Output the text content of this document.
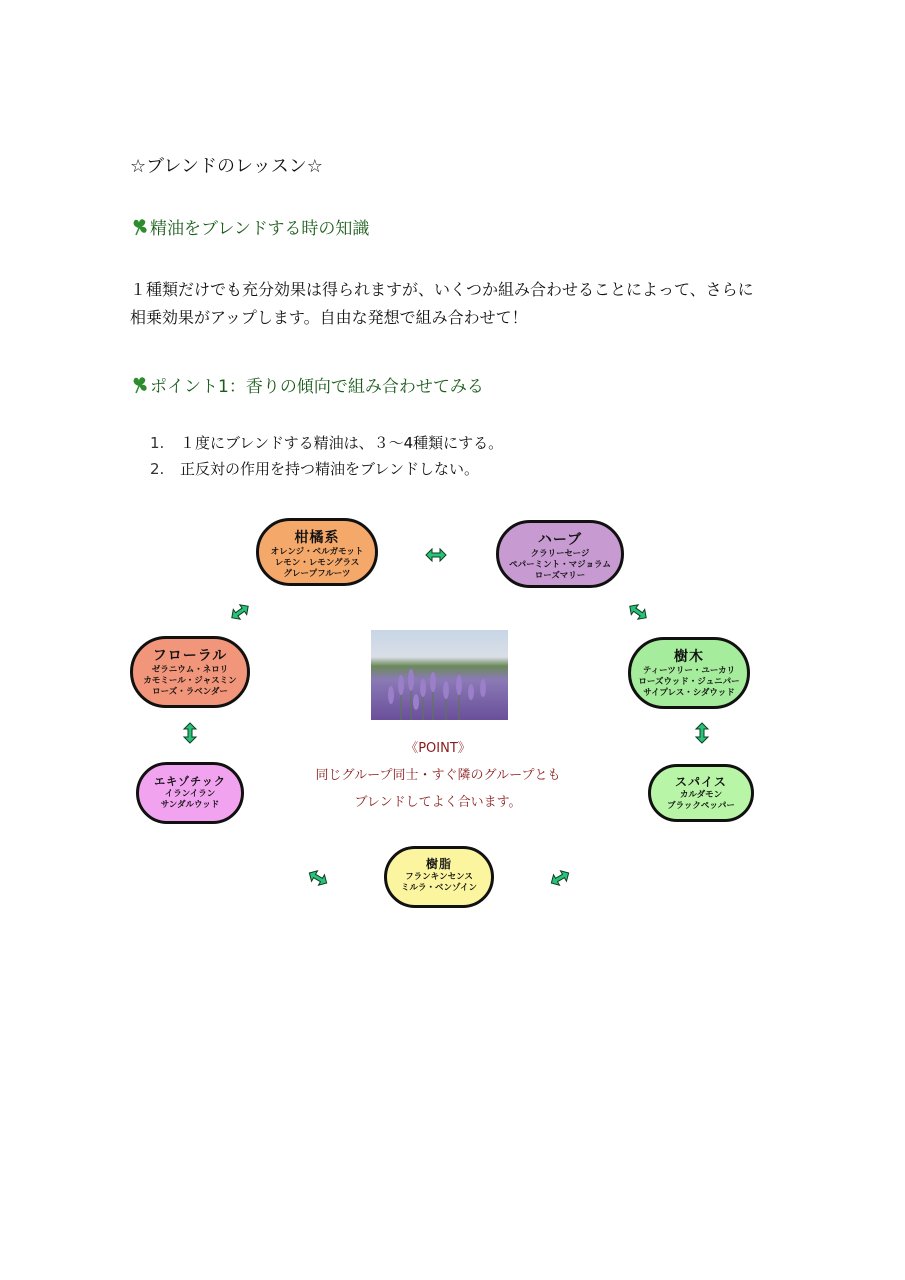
☆ブレンドのレッスン☆
精油をブレンドする時の知識
１種類だけでも充分効果は得られますが、いくつか組み合わせることによって、さらに
相乗効果がアップします。自由な発想で組み合わせて！
ポイント1：香りの傾向で組み合わせてみる
1. １度にブレンドする精油は、３〜4種類にする。
2. 正反対の作用を持つ精油をブレンドしない。
柑橘系
オレンジ・ベルガモット
レモン・レモングラス
グレープフルーツ
ハーブ
クラリーセージ
ペパーミント・マジョラム
ローズマリー
フローラル
ゼラニウム・ネロリ
カモミール・ジャスミン
ローズ・ラベンダー
樹木
ティーツリー・ユーカリ
ローズウッド・ジュニパー
サイプレス・シダウッド
エキゾチック
イランイラン
サンダルウッド
スパイス
カルダモン
ブラックペッパー
樹脂
フランキンセンス
ミルラ・ベンゾイン
《POINT》
同じグループ同士・すぐ隣のグループとも
ブレンドしてよく合います。
